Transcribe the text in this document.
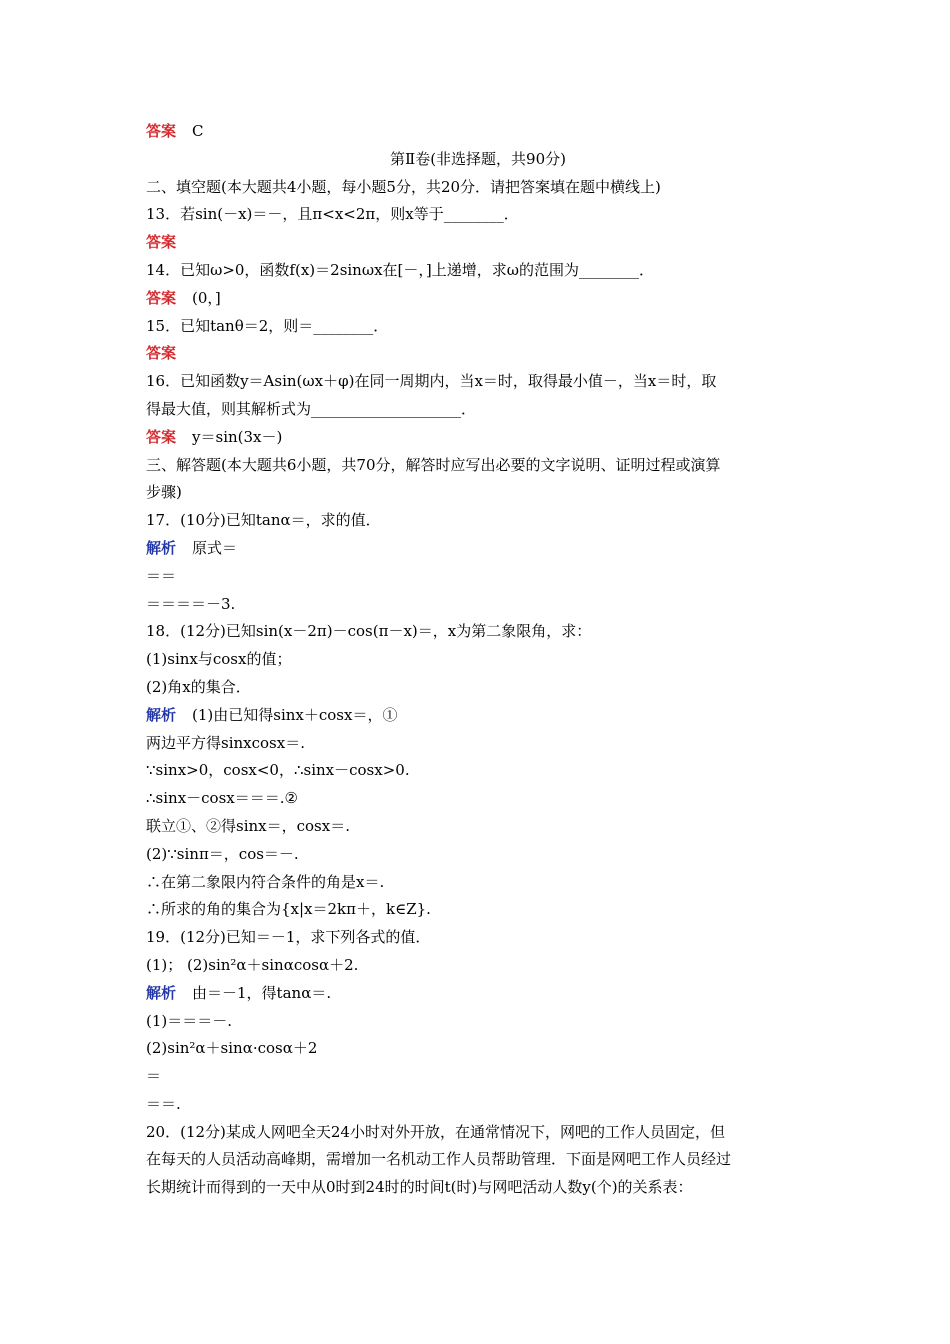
答案 C
第Ⅱ卷(非选择题，共90分)
二、填空题(本大题共4小题，每小题5分，共20分．请把答案填在题中横线上)
13．若sin(－x)＝－，且π<x<2π，则x等于________．
答案
14．已知ω>0，函数f(x)＝2sinωx在[－，]上递增，求ω的范围为________．
答案 (0，]
15．已知tanθ＝2，则＝________．
答案
16．已知函数y＝Asin(ωx＋φ)在同一周期内，当x＝时，取得最小值－，当x＝时，取
得最大值，则其解析式为____________________．
答案 y＝sin(3x－)
三、解答题(本大题共6小题，共70分，解答时应写出必要的文字说明、证明过程或演算
步骤)
17．(10分)已知tanα＝，求的值．
解析 原式＝
＝＝
＝＝＝＝－3.
18．(12分)已知sin(x－2π)－cos(π－x)＝，x为第二象限角，求：
(1)sinx与cosx的值；
(2)角x的集合．
解析 (1)由已知得sinx＋cosx＝，①
两边平方得sinxcosx＝.
∵sinx>0，cosx<0，∴sinx－cosx>0.
∴sinx－cosx＝＝＝.②
联立①、②得sinx＝，cosx＝.
(2)∵sinπ＝，cos＝－.
∴在第二象限内符合条件的角是x＝.
∴所求的角的集合为{x|x＝2kπ＋，k∈Z}.
19．(12分)已知＝－1，求下列各式的值．
(1)； (2)sin²α＋sinαcosα＋2.
解析 由＝－1，得tanα＝.
(1)＝＝＝－.
(2)sin²α＋sinα·cosα＋2
＝
＝＝.
20．(12分)某成人网吧全天24小时对外开放，在通常情况下，网吧的工作人员固定，但
在每天的人员活动高峰期，需增加一名机动工作人员帮助管理．下面是网吧工作人员经过
长期统计而得到的一天中从0时到24时的时间t(时)与网吧活动人数y(个)的关系表：
